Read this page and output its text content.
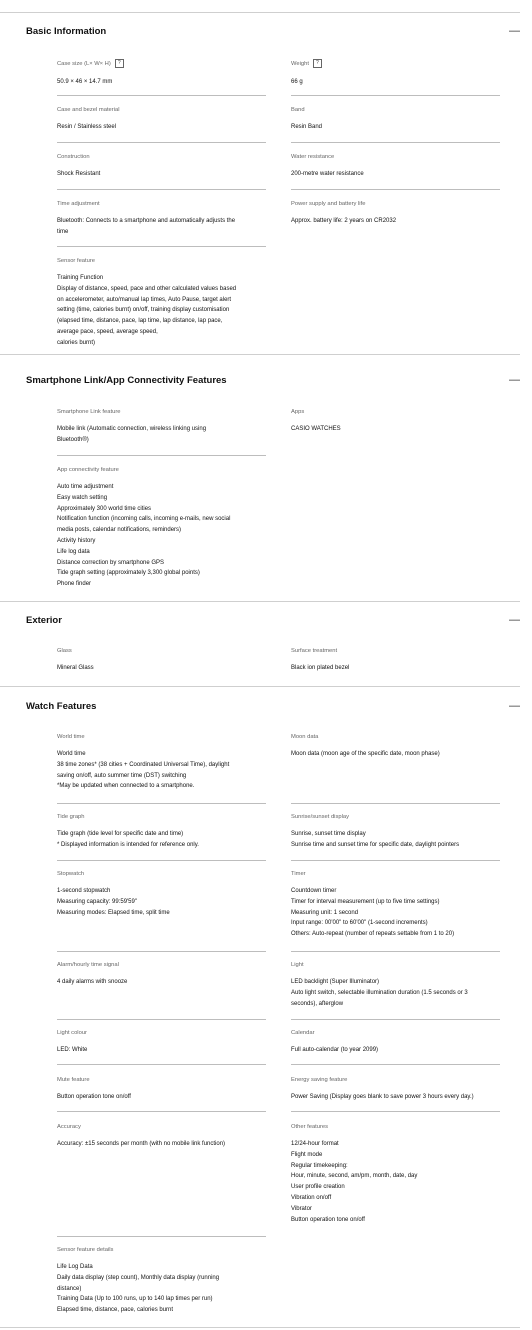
Basic Information	—
Case size (L× W× H)	?
50.9 × 46 × 14.7 mm
Weight	?
66 g
Case and bezel material
Resin / Stainless steel
Band
Resin Band
Construction
Shock Resistant
Water resistance
200-metre water resistance
Time adjustment
Bluetooth: Connects to a smartphone and automatically adjusts the
time
Power supply and battery life
Approx. battery life: 2 years on CR2032
Sensor feature
Training Function
Display of distance, speed, pace and other calculated values based
on accelerometer, auto/manual lap times, Auto Pause, target alert
setting (time, calories burnt) on/off, training display customisation
(elapsed time, distance, pace, lap time, lap distance, lap pace,
average pace, speed, average speed,
calories burnt)
Smartphone Link/App Connectivity Features	—
Smartphone Link feature
Mobile link (Automatic connection, wireless linking using
Bluetooth®)
Apps
CASIO WATCHES
App connectivity feature
Auto time adjustment
Easy watch setting
Approximately 300 world time cities
Notification function (incoming calls, incoming e-mails, new social
media posts, calendar notifications, reminders)
Activity history
Life log data
Distance correction by smartphone GPS
Tide graph setting (approximately 3,300 global points)
Phone finder
Exterior	—
Glass
Mineral Glass
Surface treatment
Black ion plated bezel
Watch Features	—
World time
World time
38 time zones* (38 cities + Coordinated Universal Time), daylight
saving on/off, auto summer time (DST) switching
*May be updated when connected to a smartphone.
Moon data
Moon data (moon age of the specific date, moon phase)
Tide graph
Tide graph (tide level for specific date and time)
* Displayed information is intended for reference only.
Sunrise/sunset display
Sunrise, sunset time display
Sunrise time and sunset time for specific date, daylight pointers
Stopwatch
1-second stopwatch
Measuring capacity: 99:59'59"
Measuring modes: Elapsed time, split time
Timer
Countdown timer
Timer for interval measurement (up to five time settings)
Measuring unit: 1 second
Input range: 00'00" to 60'00" (1-second increments)
Others: Auto-repeat (number of repeats settable from 1 to 20)
Alarm/hourly time signal
4 daily alarms with snooze
Light
LED backlight (Super Illuminator)
Auto light switch, selectable illumination duration (1.5 seconds or 3
seconds), afterglow
Light colour
LED: White
Calendar
Full auto-calendar (to year 2099)
Mute feature
Button operation tone on/off
Energy saving feature
Power Saving (Display goes blank to save power 3 hours every day.)
Accuracy
Accuracy: ±15 seconds per month (with no mobile link function)
Other features
12/24-hour format
Flight mode
Regular timekeeping:
Hour, minute, second, am/pm, month, date, day
User profile creation
Vibration on/off
Vibrator
Button operation tone on/off
Sensor feature details
Life Log Data
Daily data display (step count), Monthly data display (running
distance)
Training Data (Up to 100 runs, up to 140 lap times per run)
Elapsed time, distance, pace, calories burnt
